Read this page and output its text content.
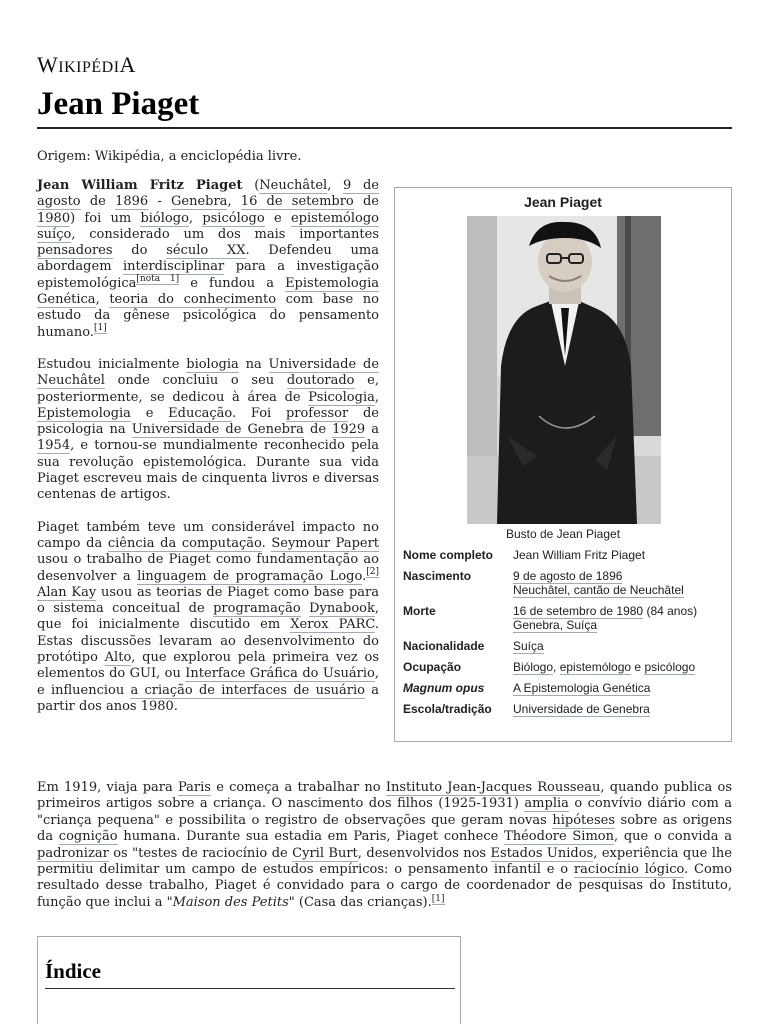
WIKIPÉDIA
Jean Piaget
Origem: Wikipédia, a enciclopédia livre.

Jean William Fritz Piaget (Neuchâtel, 9 de agosto de 1896 - Genebra, 16 de setembro de 1980) foi um biólogo, psicólogo e epistemólogo suíço, considerado um dos mais importantes pensadores do século XX. Defendeu uma abordagem interdisciplinar para a investigação epistemológica[nota 1] e fundou a Epistemologia Genética, teoria do conhecimento com base no estudo da gênese psicológica do pensamento humano.[1]

Estudou inicialmente biologia na Universidade de Neuchâtel onde concluiu o seu doutorado e, posteriormente, se dedicou à área de Psicologia, Epistemologia e Educação. Foi professor de psicologia na Universidade de Genebra de 1929 a 1954, e tornou-se mundialmente reconhecido pela sua revolução epistemológica. Durante sua vida Piaget escreveu mais de cinquenta livros e diversas centenas de artigos.

Piaget também teve um considerável impacto no campo da ciência da computação. Seymour Papert usou o trabalho de Piaget como fundamentação ao desenvolver a linguagem de programação Logo.[2] Alan Kay usou as teorias de Piaget como base para o sistema conceitual de programação Dynabook, que foi inicialmente discutido em Xerox PARC. Estas discussões levaram ao desenvolvimento do protótipo Alto, que explorou pela primeira vez os elementos do GUI, ou Interface Gráfica do Usuário, e influenciou a criação de interfaces de usuário a partir dos anos 1980.

Jean Piaget
Busto de Jean Piaget
Nome completo	Jean William Fritz Piaget
Nascimento	9 de agosto de 1896
Neuchâtel, cantão de Neuchâtel
Morte	16 de setembro de 1980 (84 anos)
Genebra, Suíça
Nacionalidade	Suíça
Ocupação	Biólogo, epistemólogo e psicólogo
Magnum opus	A Epistemologia Genética
Escola/tradição	Universidade de Genebra
Em 1919, viaja para Paris e começa a trabalhar no Instituto Jean-Jacques Rousseau, quando publica os primeiros artigos sobre a criança. O nascimento dos filhos (1925-1931) amplia o convívio diário com a "criança pequena" e possibilita o registro de observações que geram novas hipóteses sobre as origens da cognição humana. Durante sua estadia em Paris, Piaget conhece Théodore Simon, que o convida a padronizar os "testes de raciocínio de Cyril Burt, desenvolvidos nos Estados Unidos, experiência que lhe permitiu delimitar um campo de estudos empíricos: o pensamento infantil e o raciocínio lógico. Como resultado desse trabalho, Piaget é convidado para o cargo de coordenador de pesquisas do Instituto, função que inclui a "Maison des Petits" (Casa das crianças).[1]
Índice
